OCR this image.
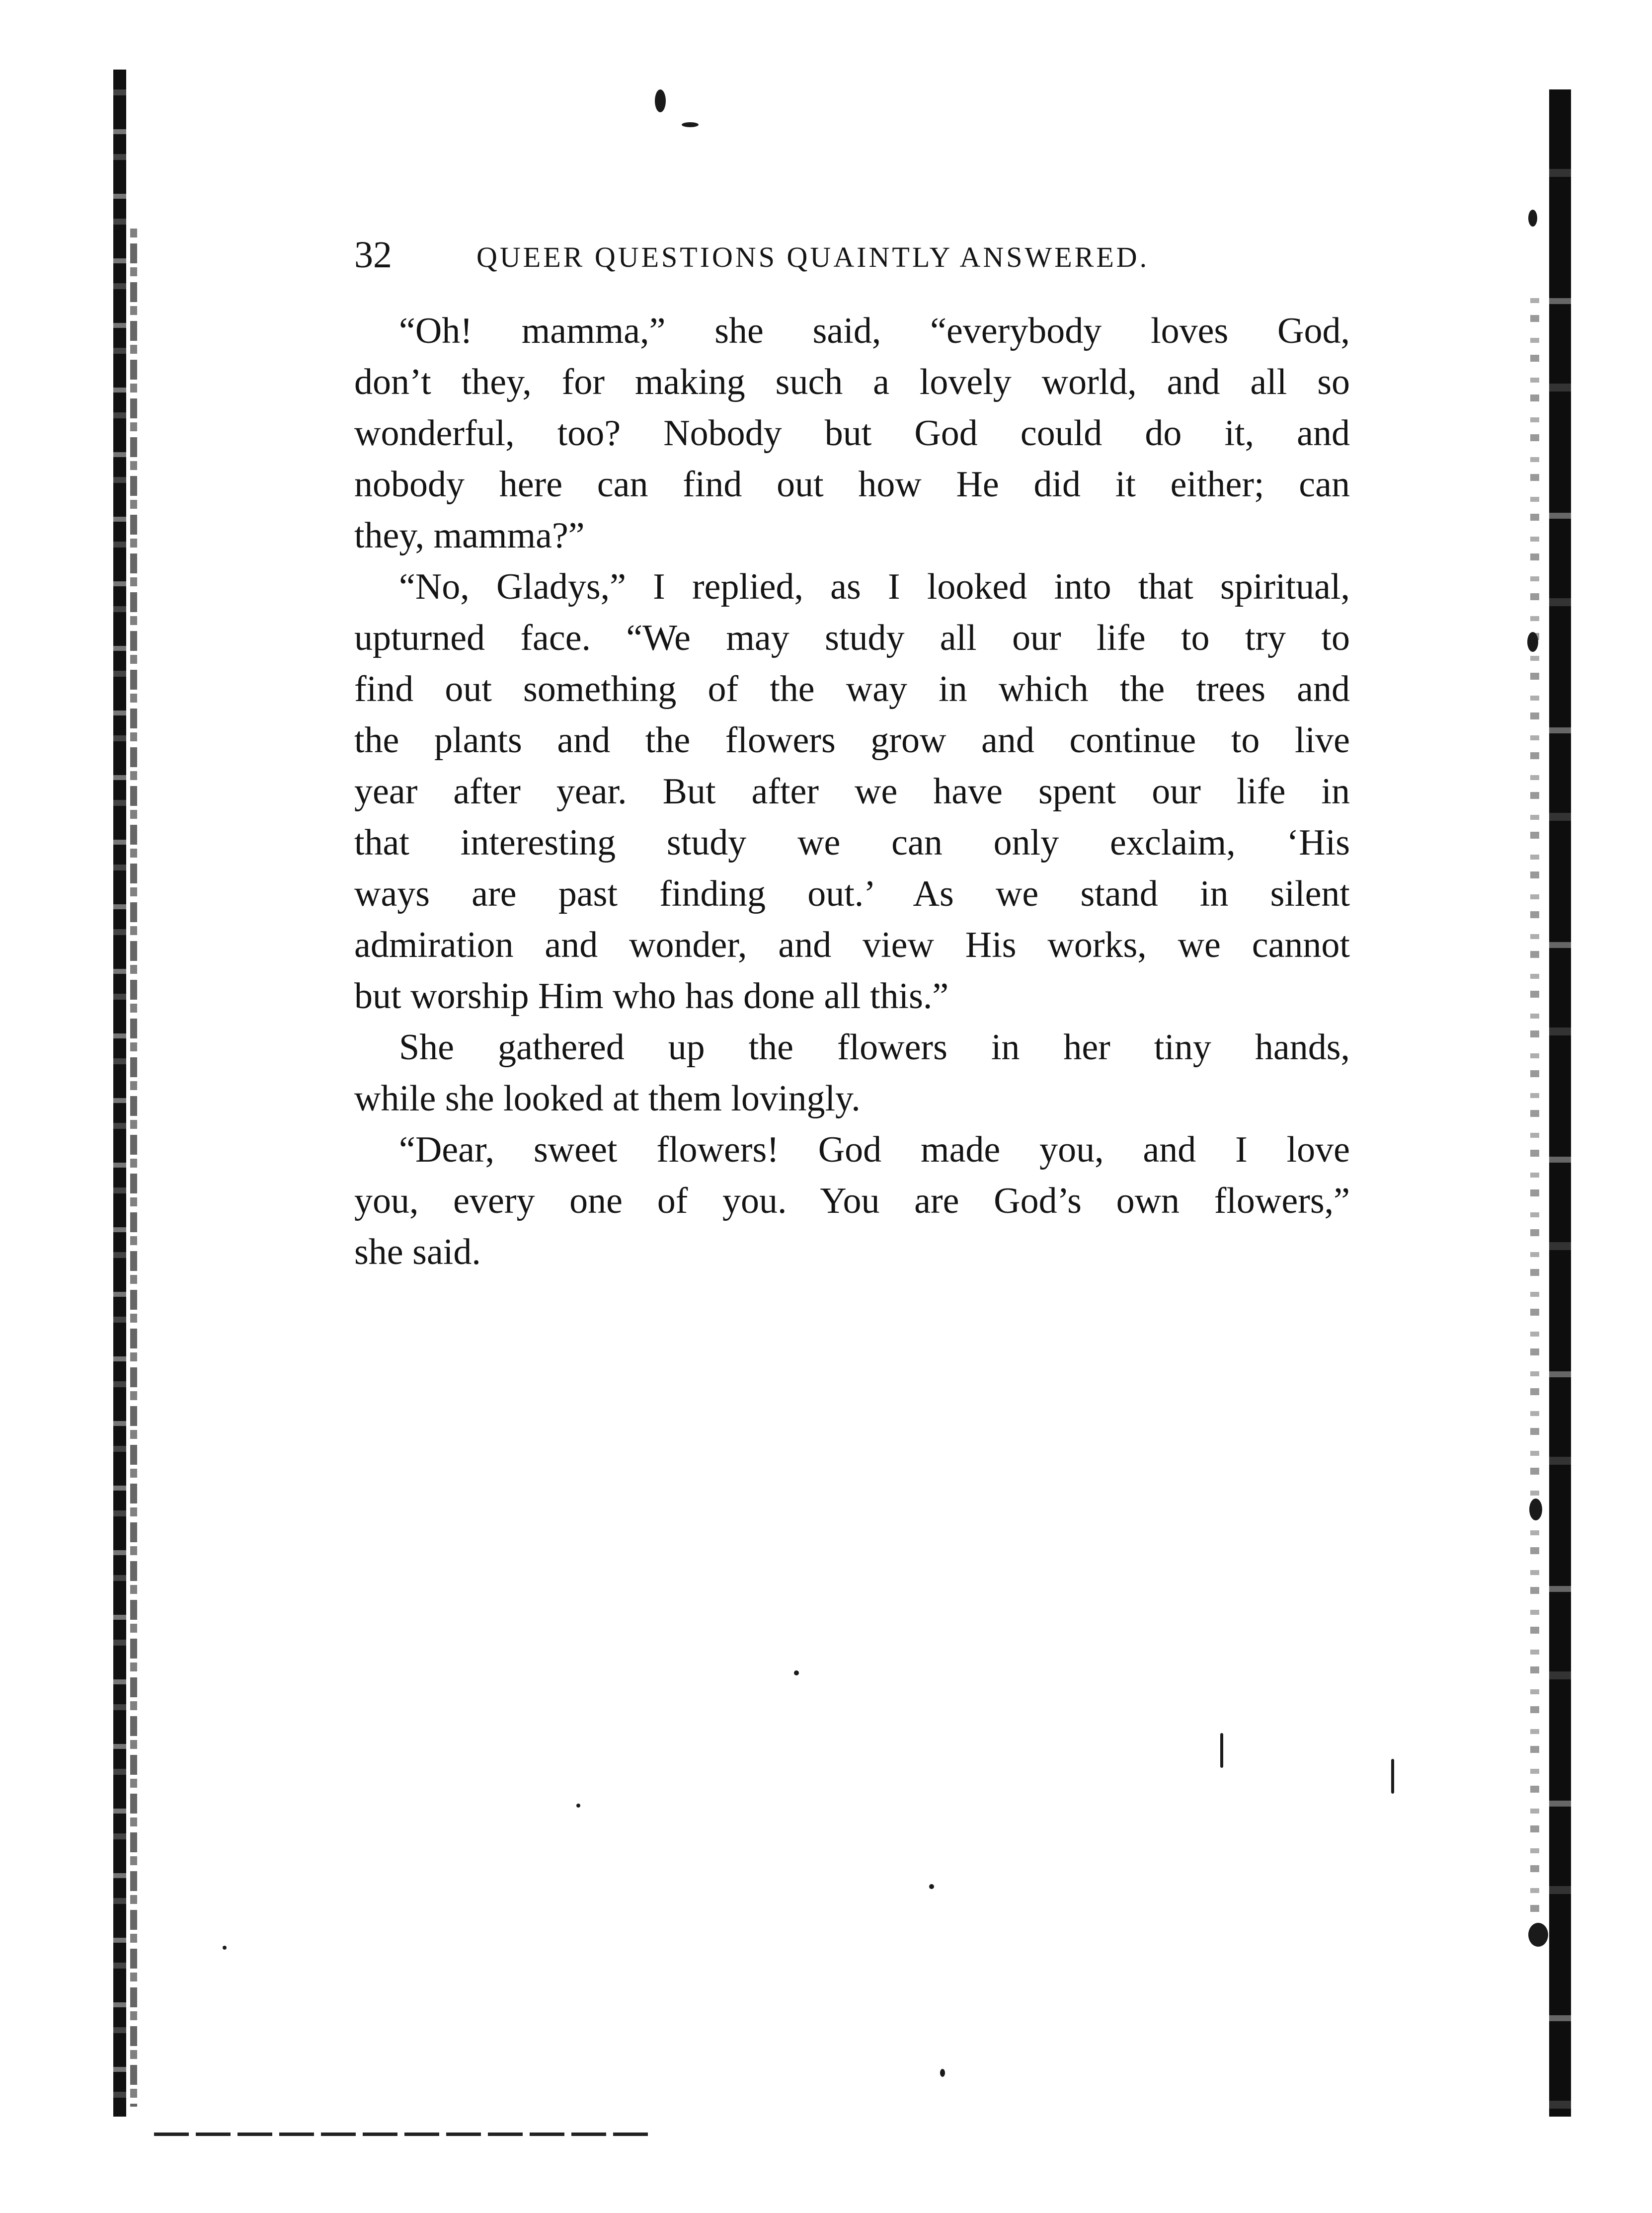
32	QUEER QUESTIONS QUAINTLY ANSWERED.
“Oh! mamma,” she said, “everybody loves God,
don’t they, for making such a lovely world, and all so
wonderful, too? Nobody but God could do it, and
nobody here can find out how He did it either; can
they, mamma?”
“No, Gladys,” I replied, as I looked into that spiritual,
upturned face. “We may study all our life to try to
find out something of the way in which the trees and
the plants and the flowers grow and continue to live
year after year. But after we have spent our life in
that interesting study we can only exclaim, ‘His
ways are past finding out.’ As we stand in silent
admiration and wonder, and view His works, we cannot
but worship Him who has done all this.”
She gathered up the flowers in her tiny hands,
while she looked at them lovingly.
“Dear, sweet flowers! God made you, and I love
you, every one of you. You are God’s own flowers,”
she said.
